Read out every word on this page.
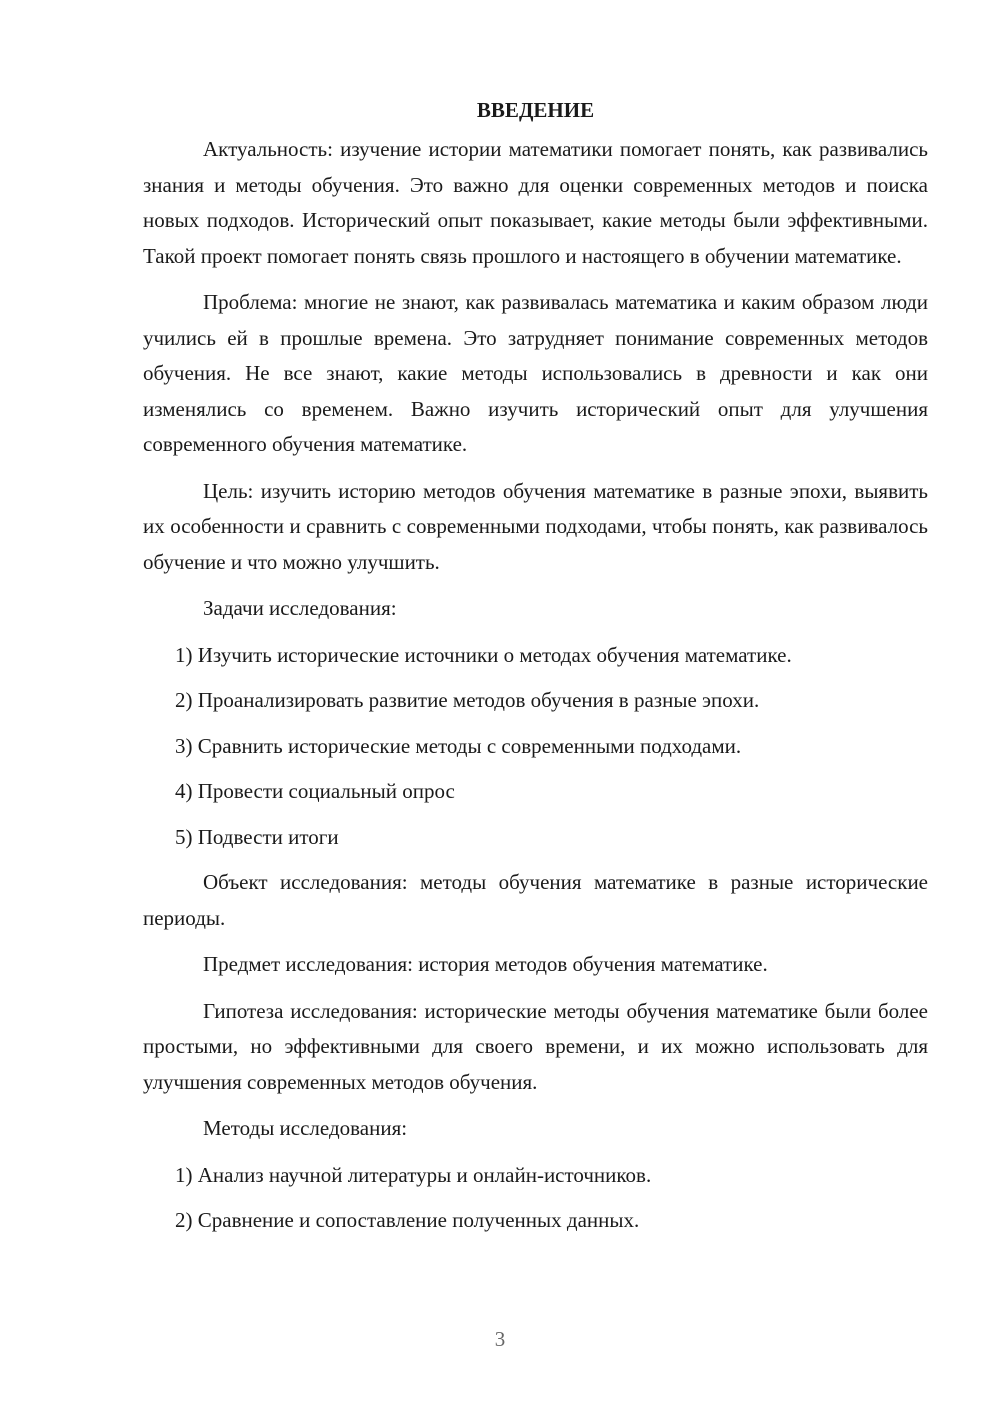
ВВЕДЕНИЕ

Актуальность: изучение истории математики помогает понять, как развивались знания и методы обучения. Это важно для оценки современных методов и поиска новых подходов. Исторический опыт показывает, какие методы были эффективными. Такой проект помогает понять связь прошлого и настоящего в обучении математике.

Проблема: многие не знают, как развивалась математика и каким образом люди учились ей в прошлые времена. Это затрудняет понимание современных методов обучения. Не все знают, какие методы использовались в древности и как они изменялись со временем. Важно изучить исторический опыт для улучшения современного обучения математике.

Цель: изучить историю методов обучения математике в разные эпохи, выявить их особенности и сравнить с современными подходами, чтобы понять, как развивалось обучение и что можно улучшить.

Задачи исследования:

1) Изучить исторические источники о методах обучения математике.

2) Проанализировать развитие методов обучения в разные эпохи.

3) Сравнить исторические методы с современными подходами.

4) Провести социальный опрос

5) Подвести итоги

Объект исследования: методы обучения математике в разные исторические периоды.

Предмет исследования: история методов обучения математике.

Гипотеза исследования: исторические методы обучения математике были более простыми, но эффективными для своего времени, и их можно использовать для улучшения современных методов обучения.

Методы исследования:

1) Анализ научной литературы и онлайн-источников.

2) Сравнение и сопоставление полученных данных.

3
